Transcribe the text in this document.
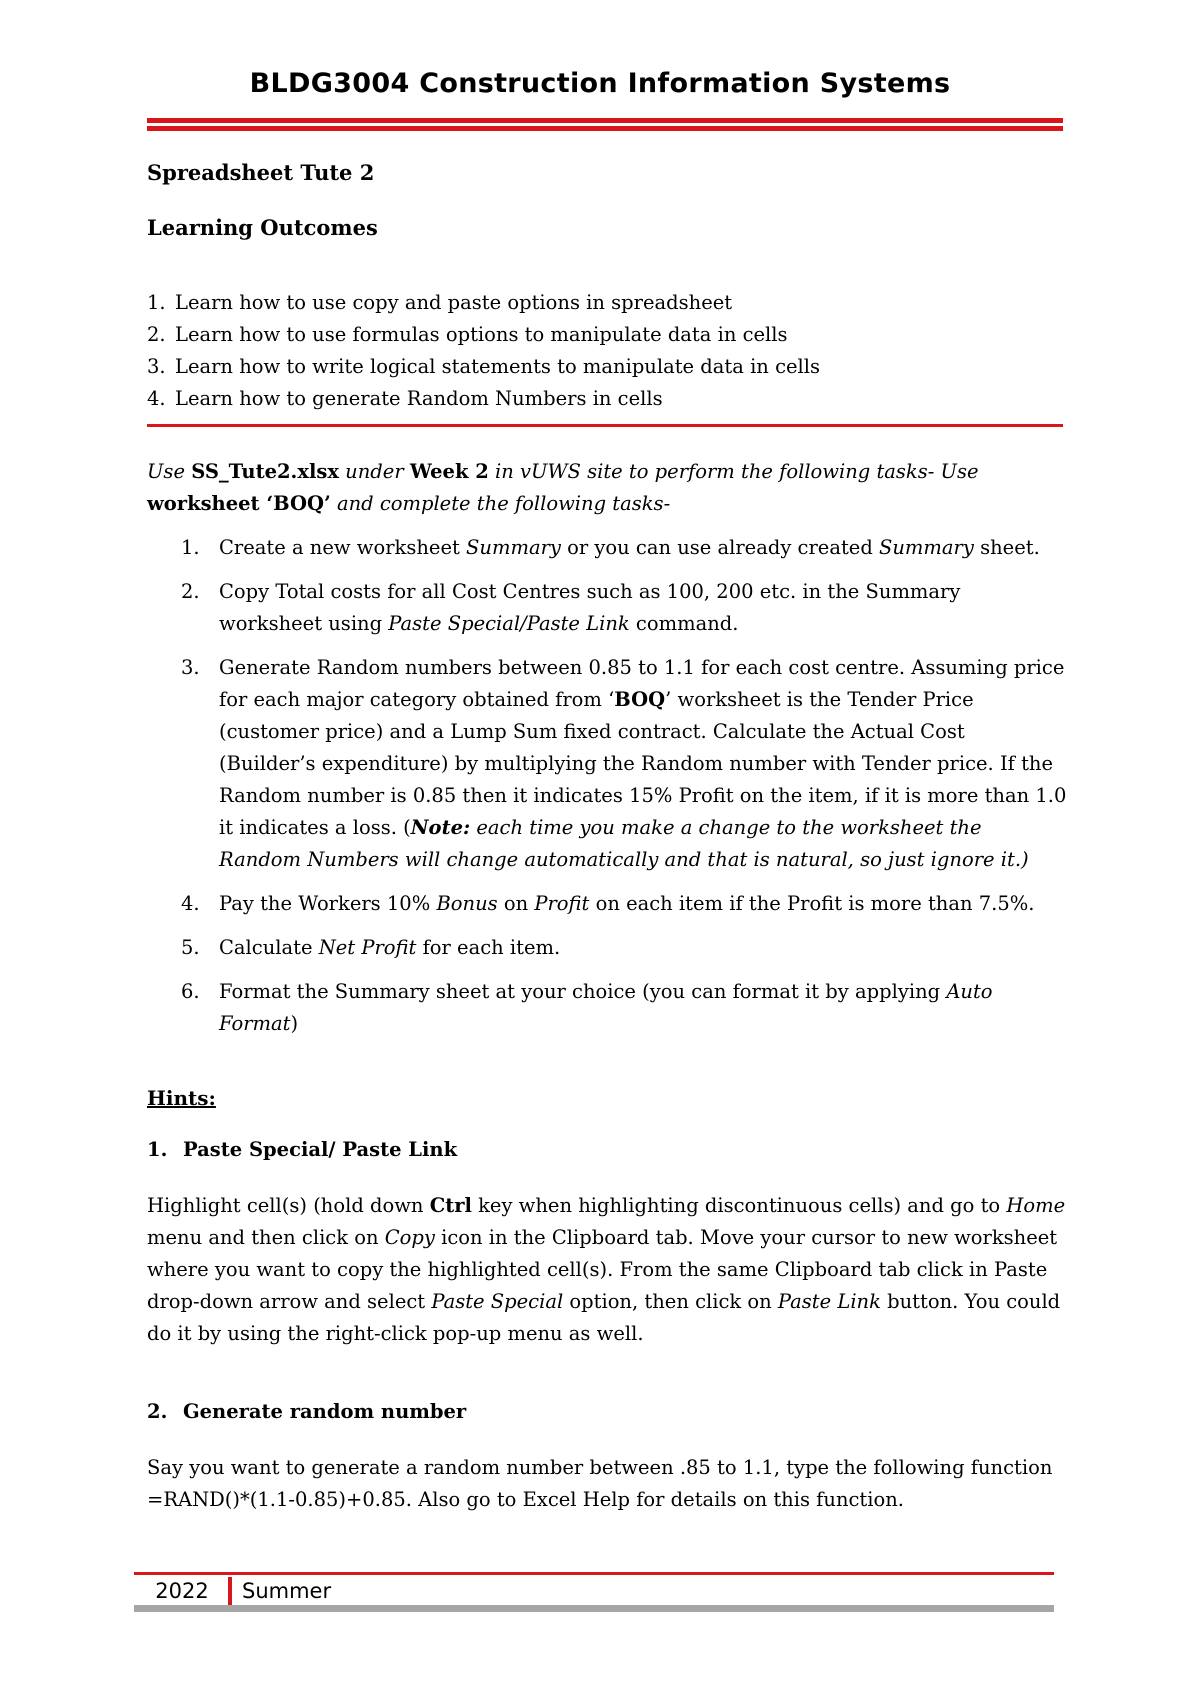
BLDG3004 Construction Information Systems
Spreadsheet Tute 2
Learning Outcomes
1. Learn how to use copy and paste options in spreadsheet
2. Learn how to use formulas options to manipulate data in cells
3. Learn how to write logical statements to manipulate data in cells
4. Learn how to generate Random Numbers in cells
Use SS_Tute2.xlsx under Week 2 in vUWS site to perform the following tasks- Use worksheet ‘BOQ’ and complete the following tasks-
1. Create a new worksheet Summary or you can use already created Summary sheet.
2. Copy Total costs for all Cost Centres such as 100, 200 etc. in the Summary worksheet using Paste Special/Paste Link command.
3. Generate Random numbers between 0.85 to 1.1 for each cost centre. Assuming price for each major category obtained from ‘BOQ’ worksheet is the Tender Price (customer price) and a Lump Sum fixed contract. Calculate the Actual Cost (Builder’s expenditure) by multiplying the Random number with Tender price. If the Random number is 0.85 then it indicates 15% Profit on the item, if it is more than 1.0 it indicates a loss. (Note: each time you make a change to the worksheet the Random Numbers will change automatically and that is natural, so just ignore it.)
4. Pay the Workers 10% Bonus on Profit on each item if the Profit is more than 7.5%.
5. Calculate Net Profit for each item.
6. Format the Summary sheet at your choice (you can format it by applying Auto Format)
Hints:
1. Paste Special/ Paste Link
Highlight cell(s) (hold down Ctrl key when highlighting discontinuous cells) and go to Home menu and then click on Copy icon in the Clipboard tab. Move your cursor to new worksheet where you want to copy the highlighted cell(s). From the same Clipboard tab click in Paste drop-down arrow and select Paste Special option, then click on Paste Link button. You could do it by using the right-click pop-up menu as well.
2. Generate random number
Say you want to generate a random number between .85 to 1.1, type the following function =RAND()*(1.1-0.85)+0.85. Also go to Excel Help for details on this function.
2022	Summer
